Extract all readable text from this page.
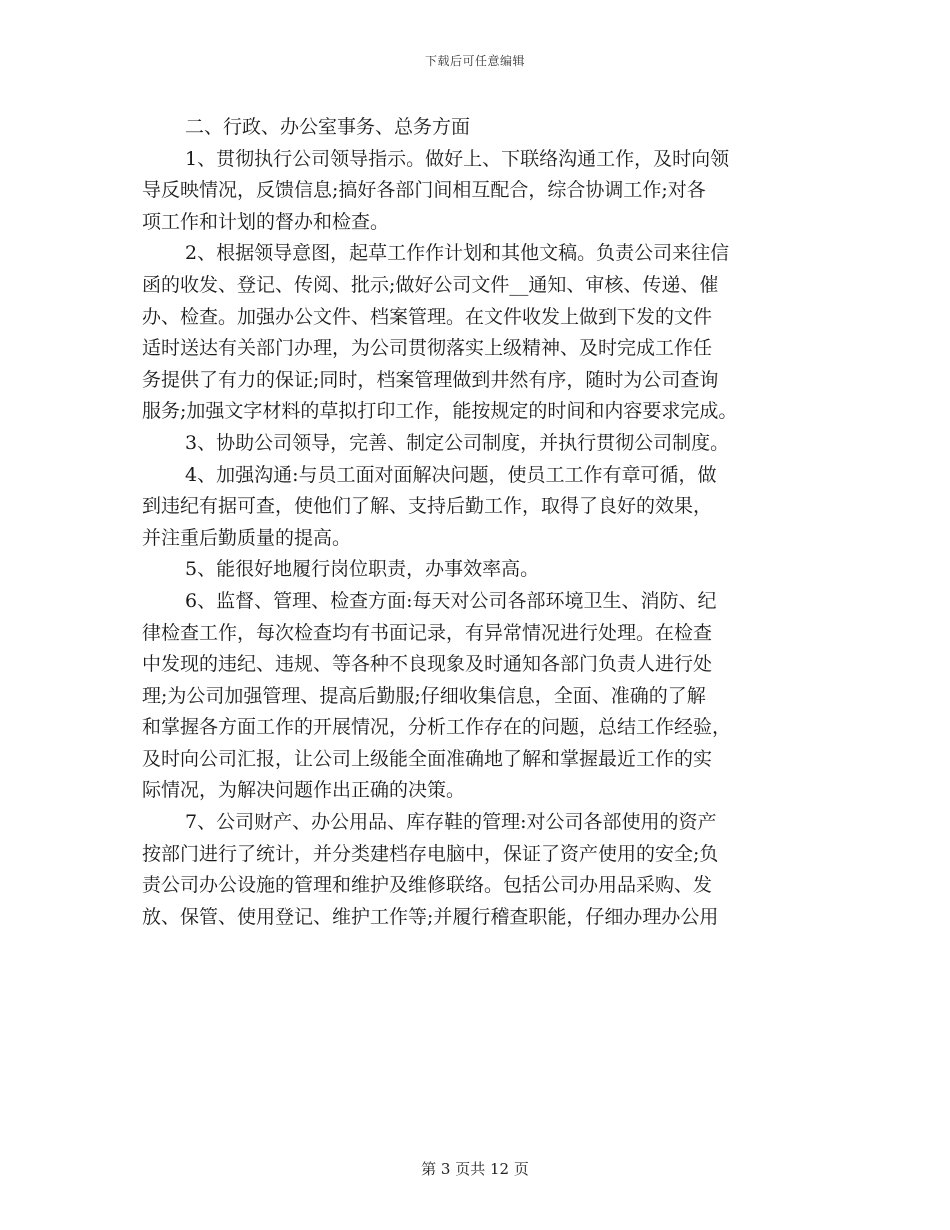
下载后可任意编辑
二、行政、办公室事务、总务方面
1、贯彻执行公司领导指示。做好上、下联络沟通工作，及时向领
导反映情况，反馈信息;搞好各部门间相互配合，综合协调工作;对各
项工作和计划的督办和检查。
2、根据领导意图，起草工作作计划和其他文稿。负责公司来往信
函的收发、登记、传阅、批示;做好公司文件__通知、审核、传递、催
办、检查。加强办公文件、档案管理。在文件收发上做到下发的文件
适时送达有关部门办理，为公司贯彻落实上级精神、及时完成工作任
务提供了有力的保证;同时，档案管理做到井然有序，随时为公司查询
服务;加强文字材料的草拟打印工作，能按规定的时间和内容要求完成。
3、协助公司领导，完善、制定公司制度，并执行贯彻公司制度。
4、加强沟通:与员工面对面解决问题，使员工工作有章可循，做
到违纪有据可查，使他们了解、支持后勤工作，取得了良好的效果，
并注重后勤质量的提高。
5、能很好地履行岗位职责，办事效率高。
6、监督、管理、检查方面:每天对公司各部环境卫生、消防、纪
律检查工作，每次检查均有书面记录，有异常情况进行处理。在检查
中发现的违纪、违规、等各种不良现象及时通知各部门负责人进行处
理;为公司加强管理、提高后勤服;仔细收集信息，全面、准确的了解
和掌握各方面工作的开展情况，分析工作存在的问题，总结工作经验，
及时向公司汇报，让公司上级能全面准确地了解和掌握最近工作的实
际情况，为解决问题作出正确的决策。
7、公司财产、办公用品、库存鞋的管理:对公司各部使用的资产
按部门进行了统计，并分类建档存电脑中，保证了资产使用的安全;负
责公司办公设施的管理和维护及维修联络。包括公司办用品采购、发
放、保管、使用登记、维护工作等;并履行稽查职能，仔细办理办公用
第 3 页共 12 页
